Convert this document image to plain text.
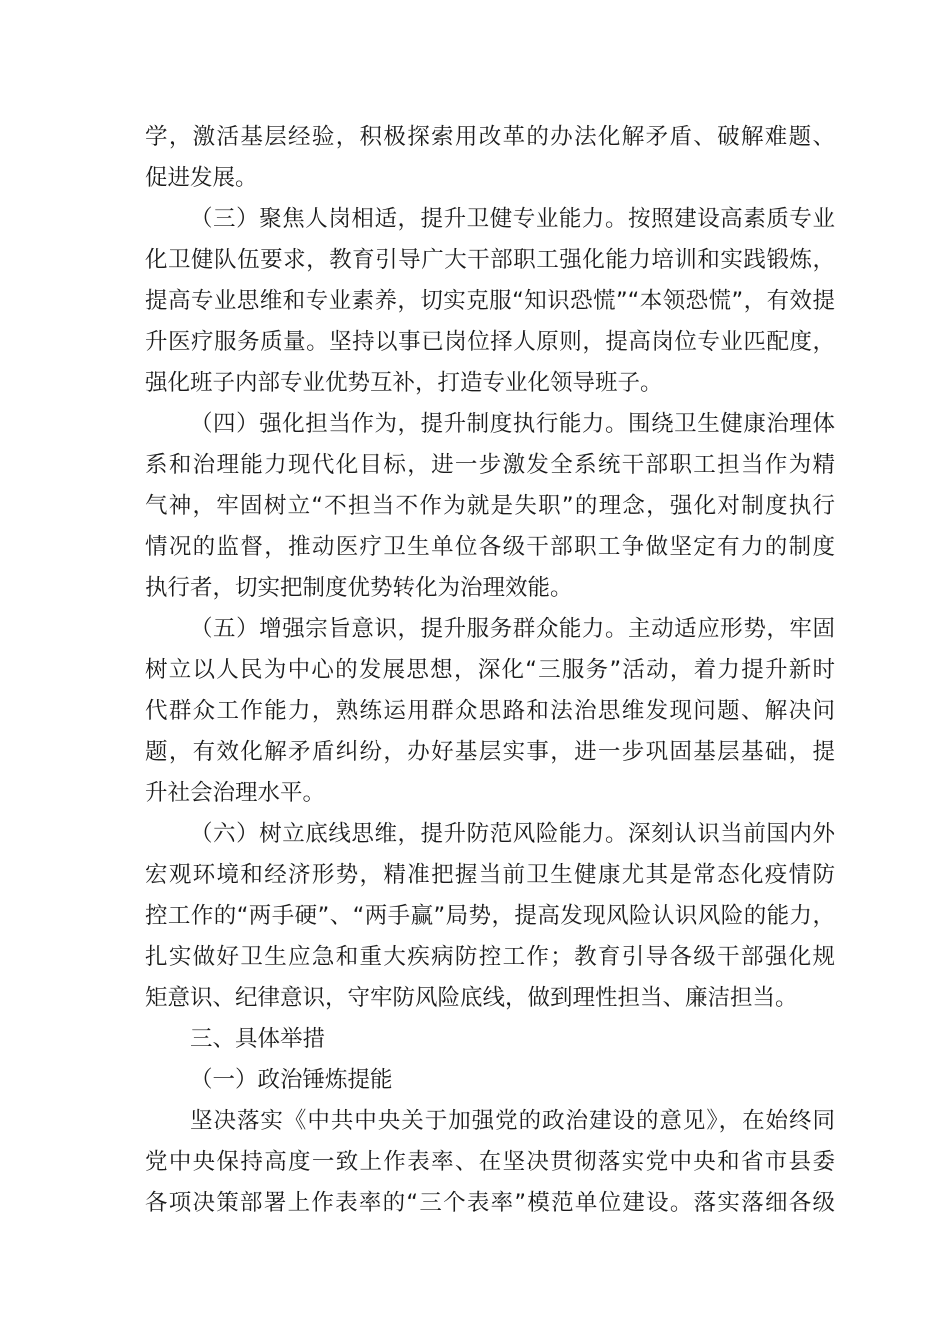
学，激活基层经验，积极探索用改革的办法化解矛盾、破解难题、
促进发展。
（三）聚焦人岗相适，提升卫健专业能力。按照建设高素质专业
化卫健队伍要求，教育引导广大干部职工强化能力培训和实践锻炼，
提高专业思维和专业素养，切实克服“知识恐慌”“本领恐慌”，有效提
升医疗服务质量。坚持以事已岗位择人原则，提高岗位专业匹配度，
强化班子内部专业优势互补，打造专业化领导班子。
（四）强化担当作为，提升制度执行能力。围绕卫生健康治理体
系和治理能力现代化目标，进一步激发全系统干部职工担当作为精
气神，牢固树立“不担当不作为就是失职”的理念，强化对制度执行
情况的监督，推动医疗卫生单位各级干部职工争做坚定有力的制度
执行者，切实把制度优势转化为治理效能。
（五）增强宗旨意识，提升服务群众能力。主动适应形势，牢固
树立以人民为中心的发展思想，深化“三服务”活动，着力提升新时
代群众工作能力，熟练运用群众思路和法治思维发现问题、解决问
题，有效化解矛盾纠纷，办好基层实事，进一步巩固基层基础，提
升社会治理水平。
（六）树立底线思维，提升防范风险能力。深刻认识当前国内外
宏观环境和经济形势，精准把握当前卫生健康尤其是常态化疫情防
控工作的“两手硬”、“两手赢”局势，提高发现风险认识风险的能力，
扎实做好卫生应急和重大疾病防控工作；教育引导各级干部强化规
矩意识、纪律意识，守牢防风险底线，做到理性担当、廉洁担当。
三、具体举措
（一）政治锤炼提能
坚决落实《中共中央关于加强党的政治建设的意见》，在始终同
党中央保持高度一致上作表率、在坚决贯彻落实党中央和省市县委
各项决策部署上作表率的“三个表率”模范单位建设。落实落细各级
